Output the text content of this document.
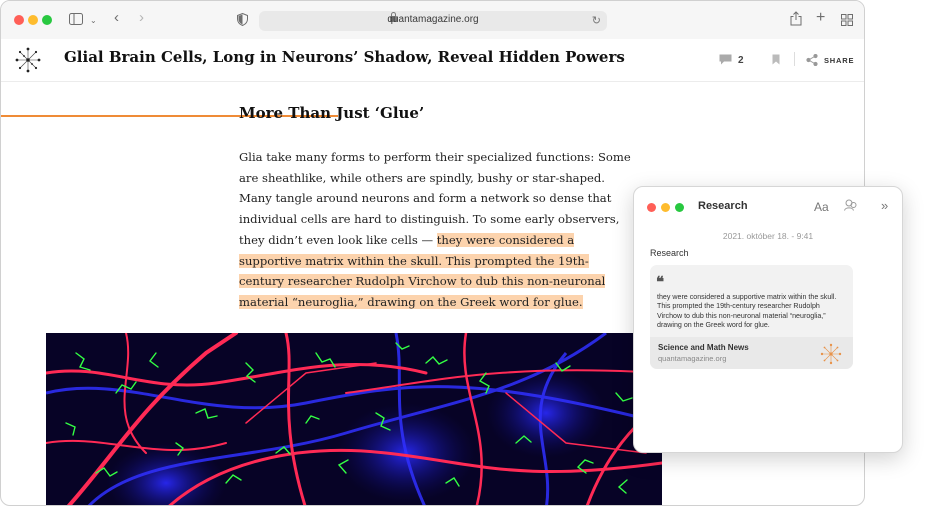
⌄ ‹ ›	quantamagazine.org	↻	+
Glial Brain Cells, Long in Neurons’ Shadow, Reveal Hidden Powers	2	SHARE
More Than Just ‘Glue’
Glia take many forms to perform their specialized functions: Some are sheathlike, while others are spindly, bushy or star-shaped. Many tangle around neurons and form a network so dense that individual cells are hard to distinguish. To some early observers, they didn’t even look like cells — they were considered a supportive matrix within the skull. This prompted the 19th-century researcher Rudolph Virchow to dub this non-neuronal material “neuroglia,” drawing on the Greek word for glue.
Research	Aa	»
2021. október 18. - 9:41
Research
❝
they were considered a supportive matrix within the skull. This prompted the 19th-century researcher Rudolph Virchow to dub this non-neuronal material “neuroglia,” drawing on the Greek word for glue.
Science and Math News
quantamagazine.org
